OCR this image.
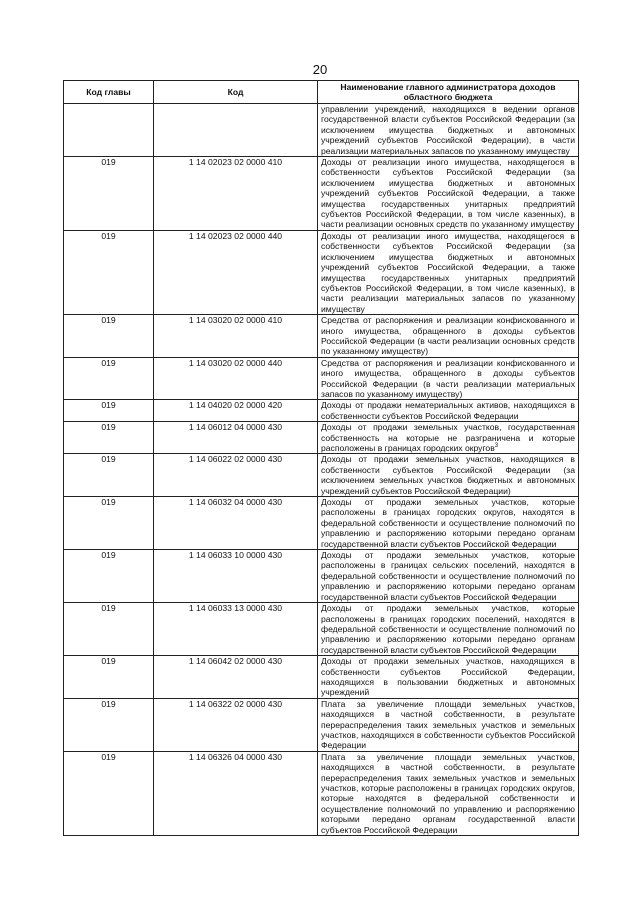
20
Код главы	Код	Наименование главного администратора доходов областного бюджета
		управлении учреждений, находящихся в ведении органов государственной власти субъектов Российской Федерации (за исключением имущества бюджетных и автономных учреждений субъектов Российской Федерации), в части реализации материальных запасов по указанному имуществу
019	1 14 02023 02 0000 410	Доходы от реализации иного имущества, находящегося в собственности субъектов Российской Федерации (за исключением имущества бюджетных и автономных учреждений субъектов Российской Федерации, а также имущества государственных унитарных предприятий субъектов Российской Федерации, в том числе казенных), в части реализации основных средств по указанному имуществу
019	1 14 02023 02 0000 440	Доходы от реализации иного имущества, находящегося в собственности субъектов Российской Федерации (за исключением имущества бюджетных и автономных учреждений субъектов Российской Федерации, а также имущества государственных унитарных предприятий субъектов Российской Федерации, в том числе казенных), в части реализации материальных запасов по указанному имуществу
019	1 14 03020 02 0000 410	Средства от распоряжения и реализации конфискованного и иного имущества, обращенного в доходы субъектов Российской Федерации (в части реализации основных средств по указанному имуществу)
019	1 14 03020 02 0000 440	Средства от распоряжения и реализации конфискованного и иного имущества, обращенного в доходы субъектов Российской Федерации (в части реализации материальных запасов по указанному имуществу)
019	1 14 04020 02 0000 420	Доходы от продажи нематериальных активов, находящихся в собственности субъектов Российской Федерации
019	1 14 06012 04 0000 430	Доходы от продажи земельных участков, государственная собственность на которые не разграничена и которые расположены в границах городских округов$^3$
019	1 14 06022 02 0000 430	Доходы от продажи земельных участков, находящихся в собственности субъектов Российской Федерации (за исключением земельных участков бюджетных и автономных учреждений субъектов Российской Федерации)
019	1 14 06032 04 0000 430	Доходы от продажи земельных участков, которые расположены в границах городских округов, находятся в федеральной собственности и осуществление полномочий по управлению и распоряжению которыми передано органам государственной власти субъектов Российской Федерации
019	1 14 06033 10 0000 430	Доходы от продажи земельных участков, которые расположены в границах сельских поселений, находятся в федеральной собственности и осуществление полномочий по управлению и распоряжению которыми передано органам государственной власти субъектов Российской Федерации
019	1 14 06033 13 0000 430	Доходы от продажи земельных участков, которые расположены в границах городских поселений, находятся в федеральной собственности и осуществление полномочий по управлению и распоряжению которыми передано органам государственной власти субъектов Российской Федерации
019	1 14 06042 02 0000 430	Доходы от продажи земельных участков, находящихся в собственности субъектов Российской Федерации, находящихся в пользовании бюджетных и автономных учреждений
019	1 14 06322 02 0000 430	Плата за увеличение площади земельных участков, находящихся в частной собственности, в результате перераспределения таких земельных участков и земельных участков, находящихся в собственности субъектов Российской Федерации
019	1 14 06326 04 0000 430	Плата за увеличение площади земельных участков, находящихся в частной собственности, в результате перераспределения таких земельных участков и земельных участков, которые расположены в границах городских округов, которые находятся в федеральной собственности и осуществление полномочий по управлению и распоряжению которыми передано органам государственной власти субъектов Российской Федерации
